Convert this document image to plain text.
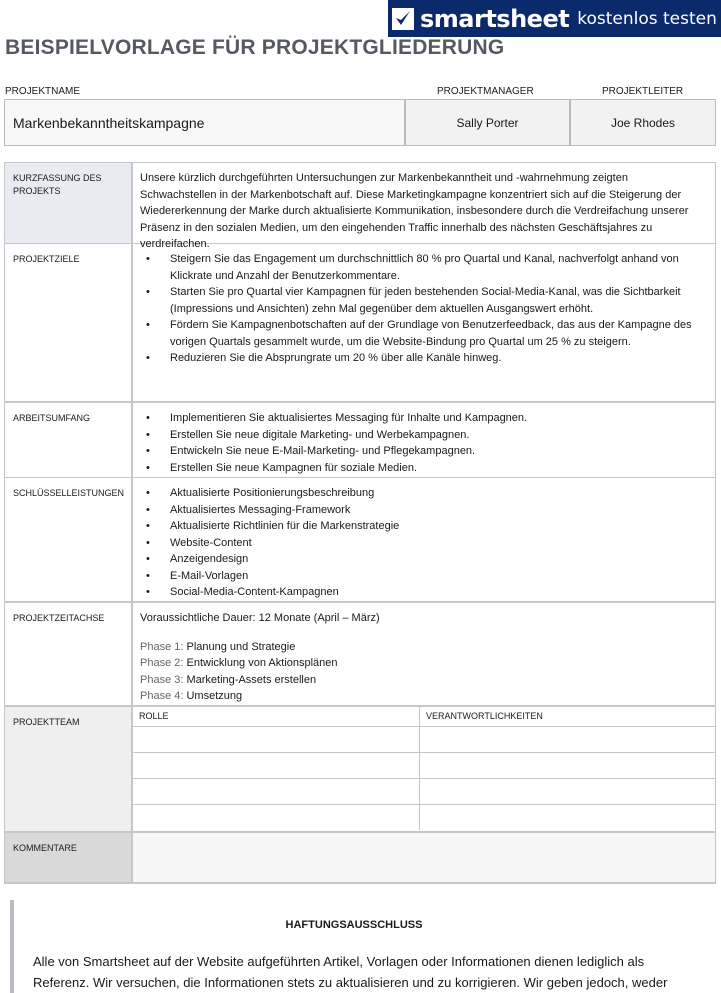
smartsheet kostenlos testen
BEISPIELVORLAGE FÜR PROJEKTGLIEDERUNG
PROJEKTNAME	PROJEKTMANAGER	PROJEKTLEITER
Markenbekanntheitskampagne	Sally Porter	Joe Rhodes
KURZFASSUNG DES PROJEKTS
Unsere kürzlich durchgeführten Untersuchungen zur Markenbekanntheit und -wahrnehmung zeigten Schwachstellen in der Markenbotschaft auf. Diese Marketingkampagne konzentriert sich auf die Steigerung der Wiedererkennung der Marke durch aktualisierte Kommunikation, insbesondere durch die Verdreifachung unserer Präsenz in den sozialen Medien, um den eingehenden Traffic innerhalb des nächsten Geschäftsjahres zu verdreifachen.
PROJEKTZIELE	• Steigern Sie das Engagement um durchschnittlich 80 % pro Quartal und Kanal, nachverfolgt anhand von Klickrate und Anzahl der Benutzerkommentare.
• Starten Sie pro Quartal vier Kampagnen für jeden bestehenden Social-Media-Kanal, was die Sichtbarkeit (Impressions und Ansichten) zehn Mal gegenüber dem aktuellen Ausgangswert erhöht.
• Fördern Sie Kampagnenbotschaften auf der Grundlage von Benutzerfeedback, das aus der Kampagne des vorigen Quartals gesammelt wurde, um die Website-Bindung pro Quartal um 25 % zu steigern.
• Reduzieren Sie die Absprungrate um 20 % über alle Kanäle hinweg.
ARBEITSUMFANG	• Implementieren Sie aktualisiertes Messaging für Inhalte und Kampagnen.
• Erstellen Sie neue digitale Marketing- und Werbekampagnen.
• Entwickeln Sie neue E-Mail-Marketing- und Pflegekampagnen.
• Erstellen Sie neue Kampagnen für soziale Medien.
SCHLÜSSELLEISTUNGEN	• Aktualisierte Positionierungsbeschreibung
• Aktualisiertes Messaging-Framework
• Aktualisierte Richtlinien für die Markenstrategie
• Website-Content
• Anzeigendesign
• E-Mail-Vorlagen
• Social-Media-Content-Kampagnen
PROJEKTZEITACHSE	Voraussichtliche Dauer: 12 Monate (April – März)
Phase 1: Planung und Strategie
Phase 2: Entwicklung von Aktionsplänen
Phase 3: Marketing-Assets erstellen
Phase 4: Umsetzung
PROJEKTTEAM
ROLLE	VERANTWORTLICHKEITEN

KOMMENTARE
HAFTUNGSAUSSCHLUSS
Alle von Smartsheet auf der Website aufgeführten Artikel, Vorlagen oder Informationen dienen lediglich als Referenz. Wir versuchen, die Informationen stets zu aktualisieren und zu korrigieren. Wir geben jedoch, weder
